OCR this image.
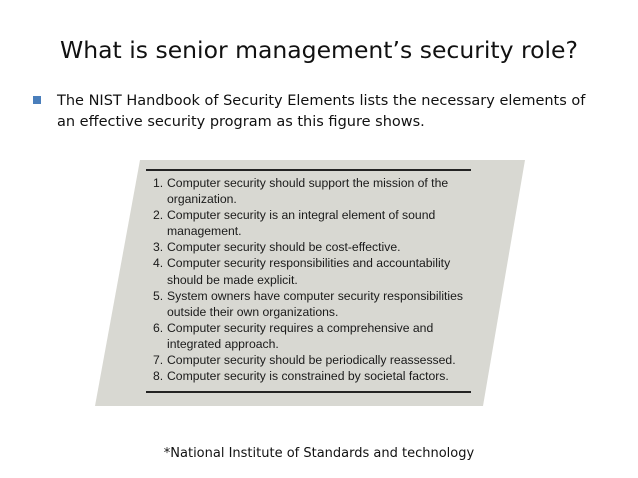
What is senior management’s security role?
The NIST Handbook of Security Elements lists the necessary elements of an effective security program as this figure shows.
1. Computer security should support the mission of the organization.
2. Computer security is an integral element of sound management.
3. Computer security should be cost-effective.
4. Computer security responsibilities and accountability should be made explicit.
5. System owners have computer security responsibilities outside their own organizations.
6. Computer security requires a comprehensive and integrated approach.
7. Computer security should be periodically reassessed.
8. Computer security is constrained by societal factors.
*National Institute of Standards and technology
